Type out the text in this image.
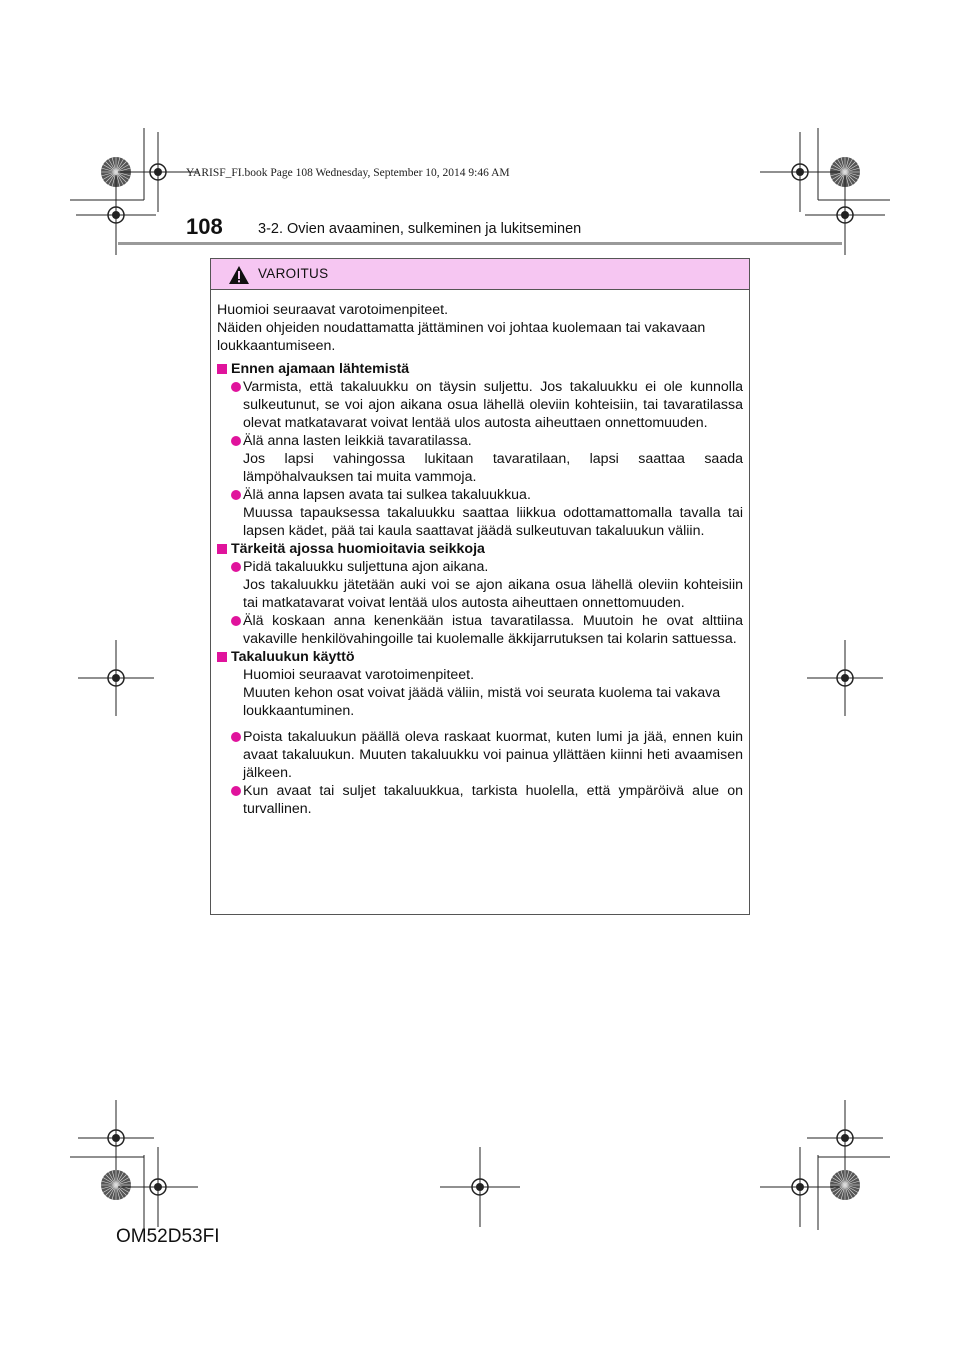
YARISF_FI.book Page 108 Wednesday, September 10, 2014 9:46 AM
108 3-2. Ovien avaaminen, sulkeminen ja lukitseminen
VAROITUS

Huomioi seuraavat varotoimenpiteet.
Näiden ohjeiden noudattamatta jättäminen voi johtaa kuolemaan tai vakavaan loukkaantumiseen.

Ennen ajamaan lähtemistä

Varmista, että takaluukku on täysin suljettu. Jos takaluukku ei ole kunnolla sulkeutunut, se voi ajon aikana osua lähellä oleviin kohteisiin, tai tavaratilassa olevat matkatavarat voivat lentää ulos autosta aiheuttaen onnettomuuden.

Älä anna lasten leikkiä tavaratilassa.
Jos lapsi vahingossa lukitaan tavaratilaan, lapsi saattaa saada lämpöhalvauksen tai muita vammoja.

Älä anna lapsen avata tai sulkea takaluukkua.
Muussa tapauksessa takaluukku saattaa liikkua odottamattomalla tavalla tai lapsen kädet, pää tai kaula saattavat jäädä sulkeutuvan takaluukun väliin.

Tärkeitä ajossa huomioitavia seikkoja

Pidä takaluukku suljettuna ajon aikana.
Jos takaluukku jätetään auki voi se ajon aikana osua lähellä oleviin kohteisiin tai matkatavarat voivat lentää ulos autosta aiheuttaen onnettomuuden.

Älä koskaan anna kenenkään istua tavaratilassa. Muutoin he ovat alttiina vakaville henkilövahingoille tai kuolemalle äkkijarrutuksen tai kolarin sattuessa.

Takaluukun käyttö

Huomioi seuraavat varotoimenpiteet.
Muuten kehon osat voivat jäädä väliin, mistä voi seurata kuolema tai vakava loukkaantuminen.

Poista takaluukun päällä oleva raskaat kuormat, kuten lumi ja jää, ennen kuin avaat takaluukun. Muuten takaluukku voi painua yllättäen kiinni heti avaamisen jälkeen.

Kun avaat tai suljet takaluukkua, tarkista huolella, että ympäröivä alue on turvallinen.

OM52D53FI
